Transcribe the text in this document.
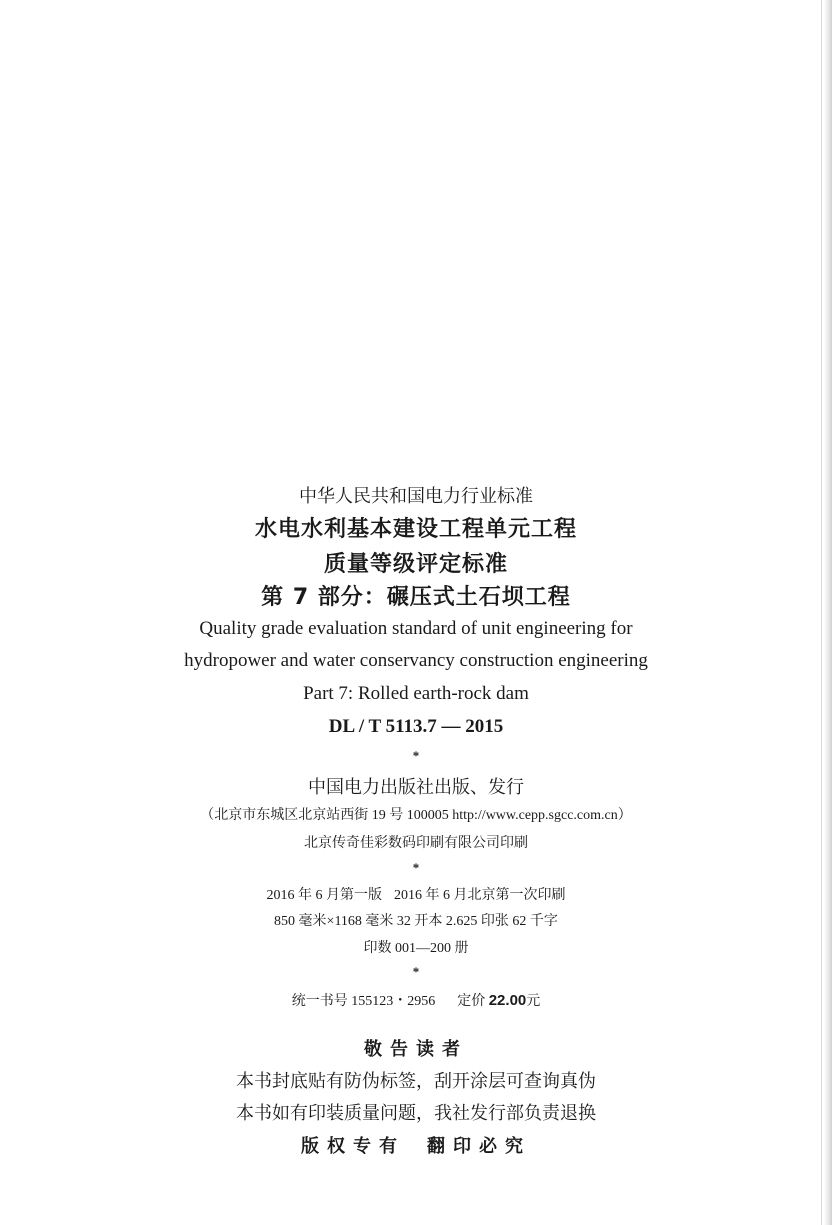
中华人民共和国电力行业标准
水电水利基本建设工程单元工程
质量等级评定标准
第 7 部分：碾压式土石坝工程
Quality grade evaluation standard of unit engineering for
hydropower and water conservancy construction engineering
Part 7: Rolled earth-rock dam
DL / T 5113.7 — 2015
*
中国电力出版社出版、发行
（北京市东城区北京站西街 19 号 100005 http://www.cepp.sgcc.com.cn）
北京传奇佳彩数码印刷有限公司印刷
*
2016 年 6 月第一版 2016 年 6 月北京第一次印刷
850 毫米×1168 毫米 32 开本 2.625 印张 62 千字
印数 001—200 册
*
统一书号 155123・2956 定价 22.00元
敬告读者
本书封底贴有防伪标签，刮开涂层可查询真伪
本书如有印装质量问题，我社发行部负责退换
版权专有 翻印必究
